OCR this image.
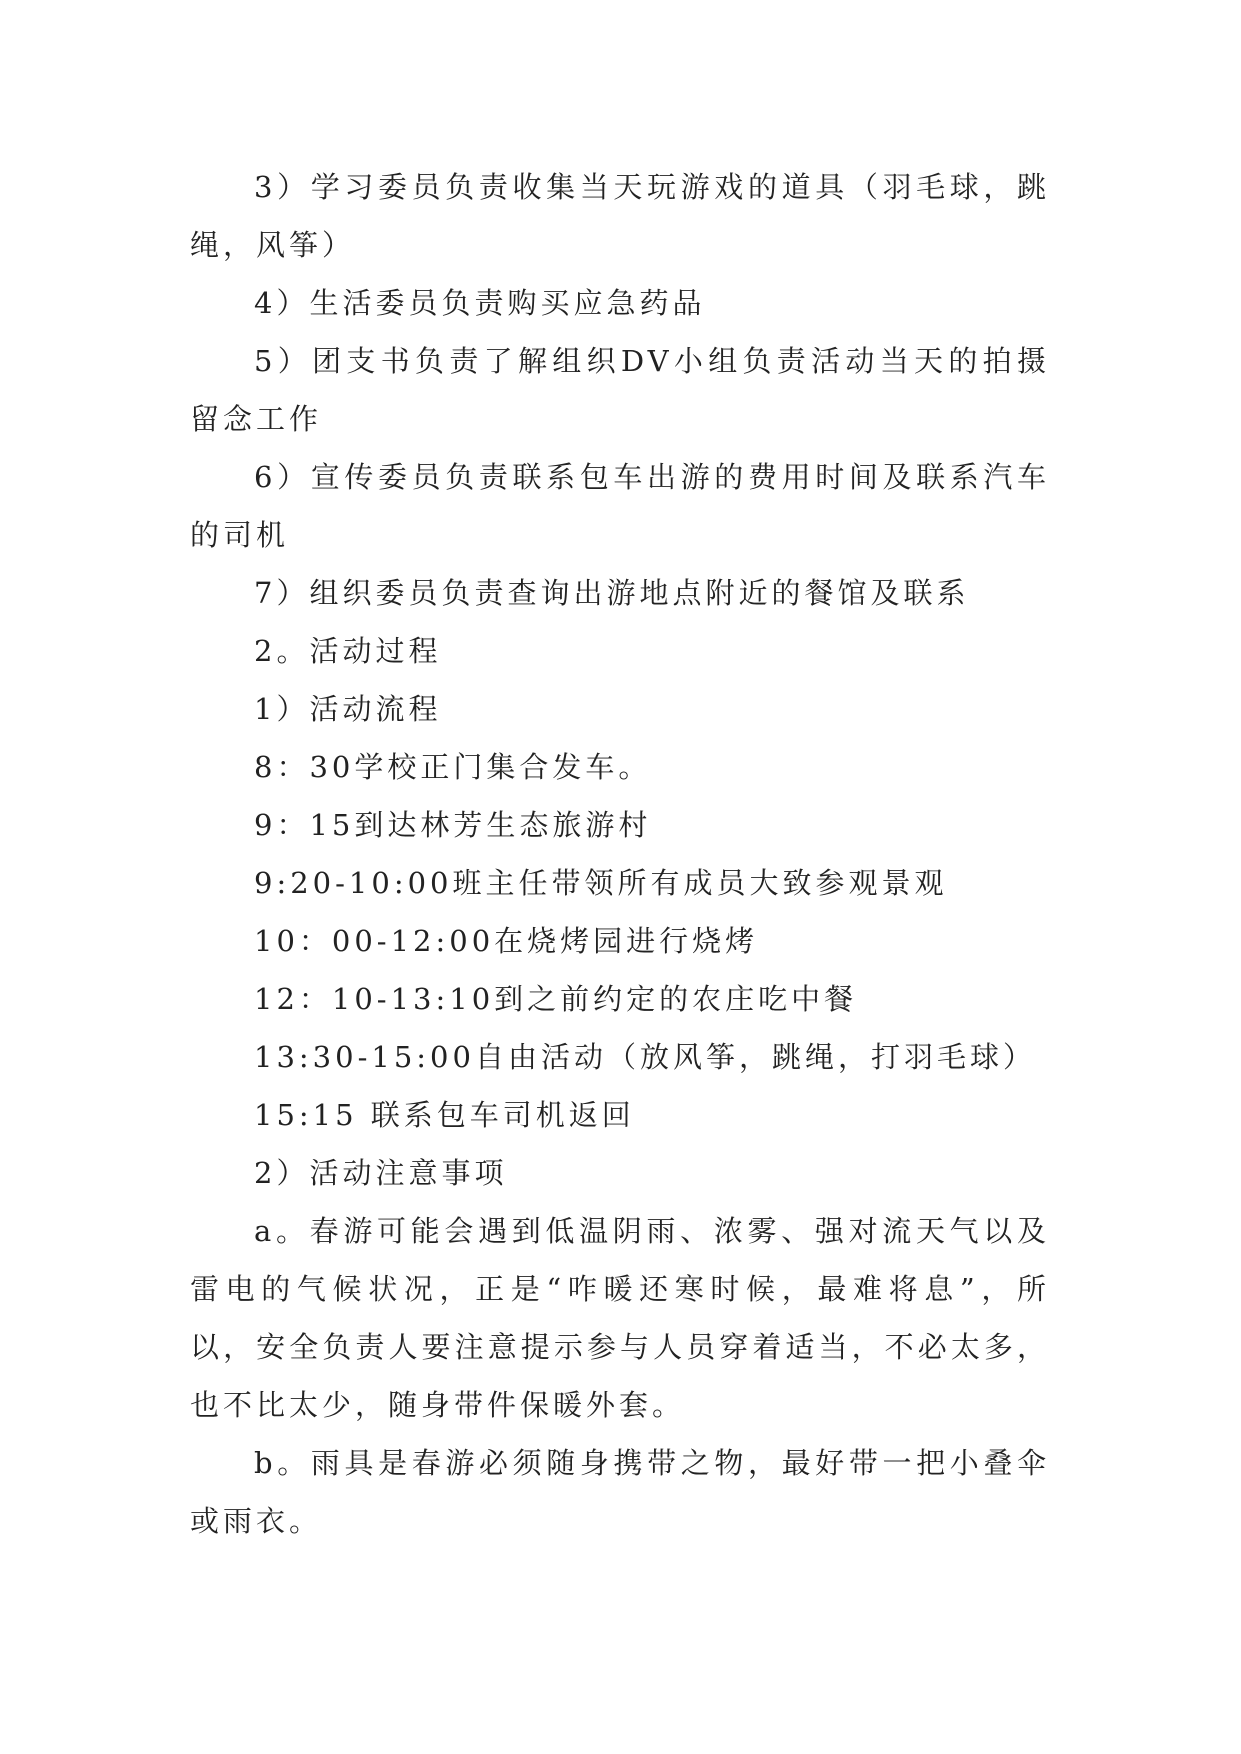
3）学习委员负责收集当天玩游戏的道具（羽毛球，跳绳，风筝）

4）生活委员负责购买应急药品

5）团支书负责了解组织DV小组负责活动当天的拍摄留念工作

6）宣传委员负责联系包车出游的费用时间及联系汽车的司机

7）组织委员负责查询出游地点附近的餐馆及联系

2。活动过程

1）活动流程

8：30学校正门集合发车。

9：15到达林芳生态旅游村

9:20-10:00班主任带领所有成员大致参观景观

10：00-12:00在烧烤园进行烧烤

12：10-13:10到之前约定的农庄吃中餐

13:30-15:00自由活动（放风筝，跳绳，打羽毛球）

15:15 联系包车司机返回

2）活动注意事项

a。春游可能会遇到低温阴雨、浓雾、强对流天气以及雷电的气候状况，正是“咋暖还寒时候，最难将息”，所以，安全负责人要注意提示参与人员穿着适当，不必太多，也不比太少，随身带件保暖外套。

b。雨具是春游必须随身携带之物，最好带一把小叠伞或雨衣。
